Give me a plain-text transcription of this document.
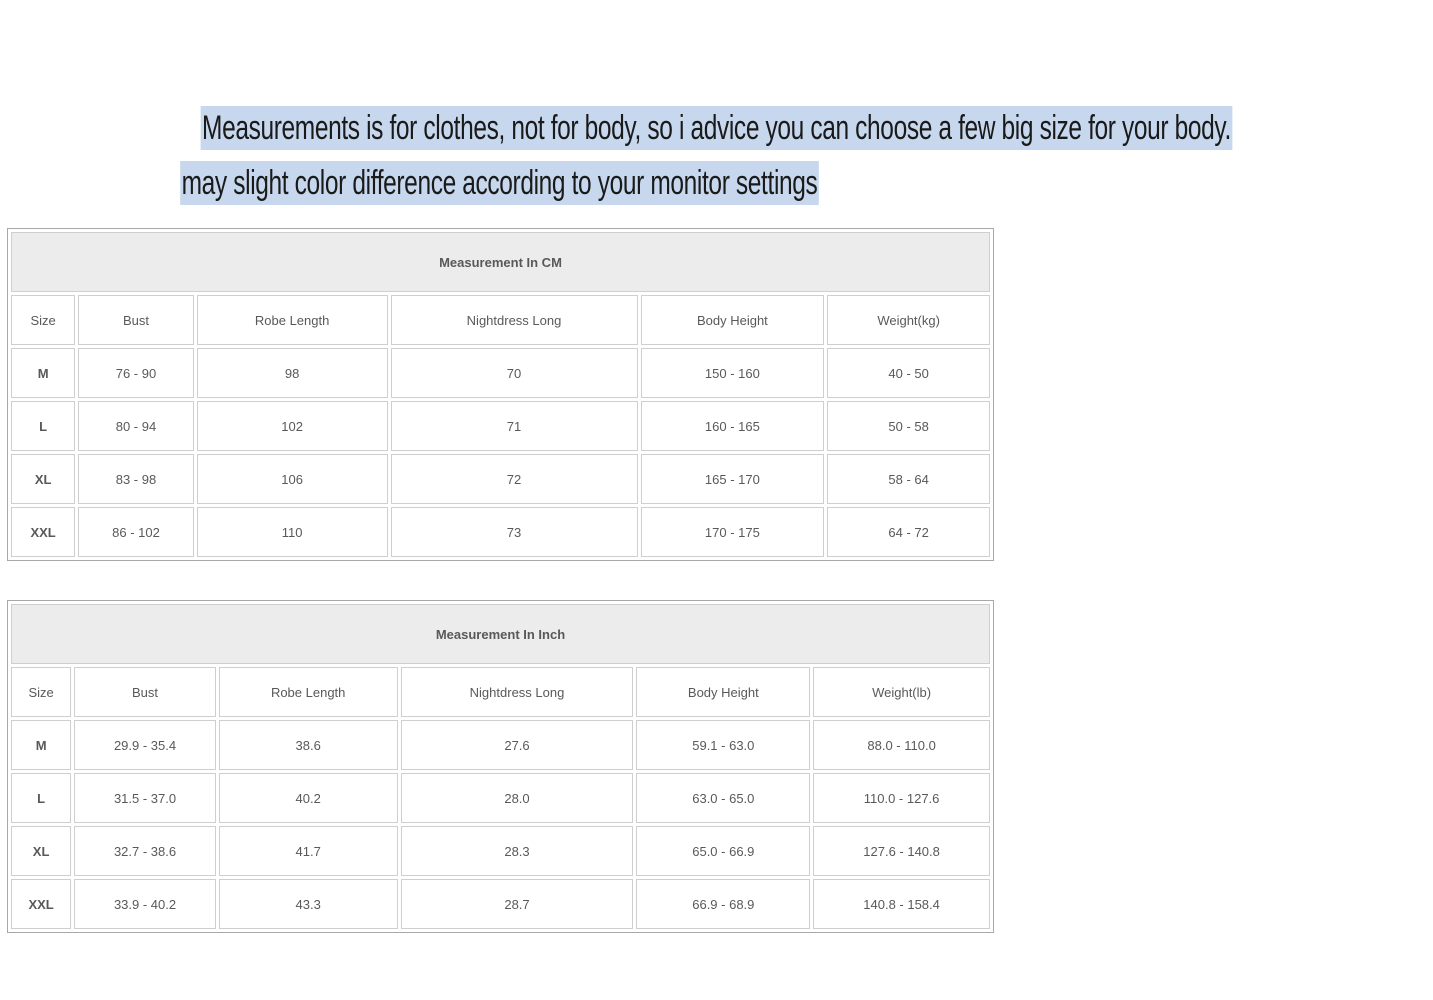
Measurements is for clothes, not for body, so i advice you can choose a few big size for your body.
may slight color difference according to your monitor settings
Measurement In CM					
Size	Bust	Robe Length	Nightdress Long	Body Height	Weight(kg)
M	76 - 90	98	70	150 - 160	40 - 50
L	80 - 94	102	71	160 - 165	50 - 58
XL	83 - 98	106	72	165 - 170	58 - 64
XXL	86 - 102	110	73	170 - 175	64 - 72
Measurement In Inch					
Size	Bust	Robe Length	Nightdress Long	Body Height	Weight(lb)
M	29.9 - 35.4	38.6	27.6	59.1 - 63.0	88.0 - 110.0
L	31.5 - 37.0	40.2	28.0	63.0 - 65.0	110.0 - 127.6
XL	32.7 - 38.6	41.7	28.3	65.0 - 66.9	127.6 - 140.8
XXL	33.9 - 40.2	43.3	28.7	66.9 - 68.9	140.8 - 158.4
